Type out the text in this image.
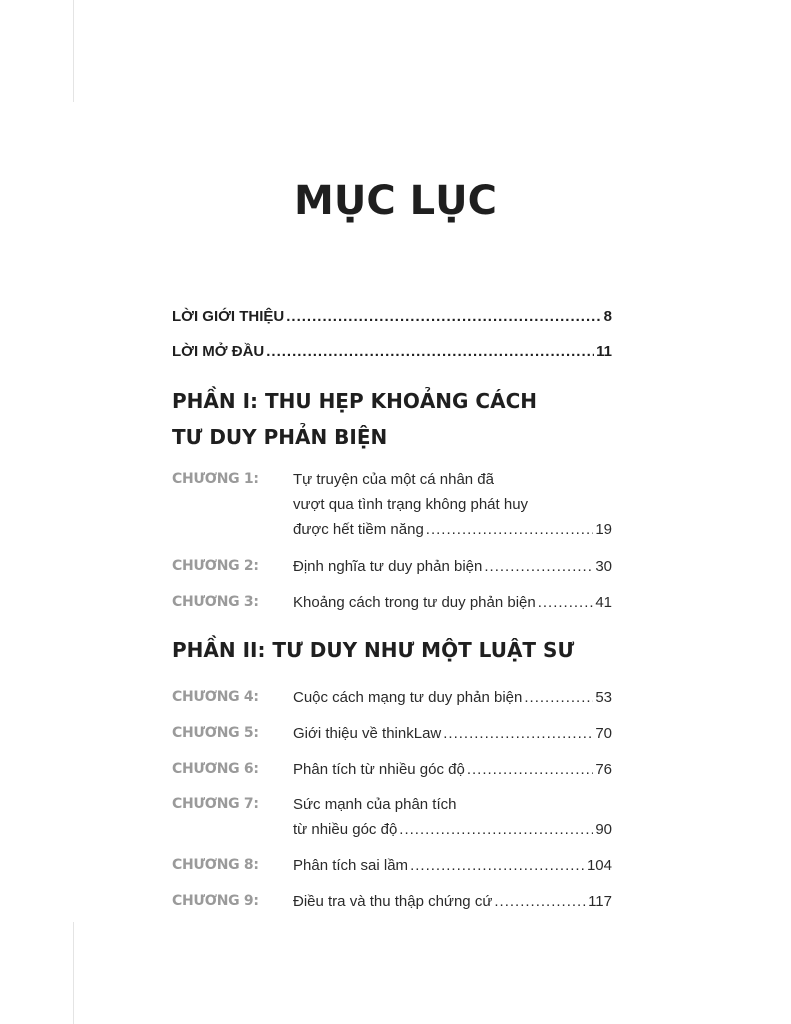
MỤC LỤC
LỜI GIỚI THIỆU .....	8
LỜI MỞ ĐẦU .....	11
PHẦN I: THU HẸP KHOẢNG CÁCH
TƯ DUY PHẢN BIỆN
CHƯƠNG 1:	Tự truyện của một cá nhân đã
vượt qua tình trạng không phát huy
được hết tiềm năng .....	19
CHƯƠNG 2:	Định nghĩa tư duy phản biện .....	30
CHƯƠNG 3:	Khoảng cách trong tư duy phản biện .....	41
PHẦN II: TƯ DUY NHƯ MỘT LUẬT SƯ
CHƯƠNG 4:	Cuộc cách mạng tư duy phản biện .....	53
CHƯƠNG 5:	Giới thiệu về thinkLaw .....	70
CHƯƠNG 6:	Phân tích từ nhiều góc độ .....	76
CHƯƠNG 7:	Sức mạnh của phân tích
từ nhiều góc độ .....	90
CHƯƠNG 8:	Phân tích sai lầm .....	104
CHƯƠNG 9:	Điều tra và thu thập chứng cứ .....	117
